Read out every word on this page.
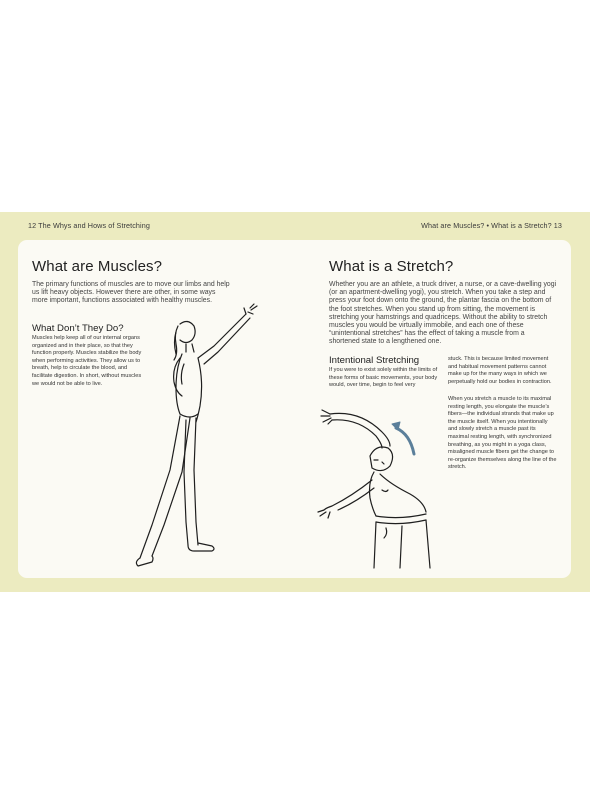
12 The Whys and Hows of Stretching	What are Muscles? • What is a Stretch? 13
What are Muscles?

The primary functions of muscles are to move our limbs and help us lift heavy objects. However there are other, in some ways more important, functions associated with healthy muscles.

What Don’t They Do?

Muscles help keep all of our internal organs organized and in their place, so that they function properly. Muscles stabilize the body when performing activities. They allow us to breath, help to circulate the blood, and facilitate digestion. In short, without muscles we would not be able to live.

What is a Stretch?

Whether you are an athlete, a truck driver, a nurse, or a cave-dwelling yogi (or an apartment-dwelling yogi), you stretch. When you take a step and press your foot down onto the ground, the plantar fascia on the bottom of the foot stretches. When you stand up from sitting, the movement is stretching your hamstrings and quadriceps. Without the ability to stretch muscles you would be virtually immobile, and each one of these “unintentional stretches” has the effect of taking a muscle from a shortened state to a lengthened one.

Intentional Stretching

If you were to exist solely within the limits of these forms of basic movements, your body would, over time, begin to feel very

stuck. This is because limited movement and habitual movement patterns cannot make up for the many ways in which we perpetually hold our bodies in contraction.

When you stretch a muscle to its maximal resting length, you elongate the muscle’s fibers—the individual strands that make up the muscle itself. When you intentionally and slowly stretch a muscle past its maximal resting length, with synchronized breathing, as you might in a yoga class, misaligned muscle fibers get the change to re-organize themselves along the line of the stretch.
